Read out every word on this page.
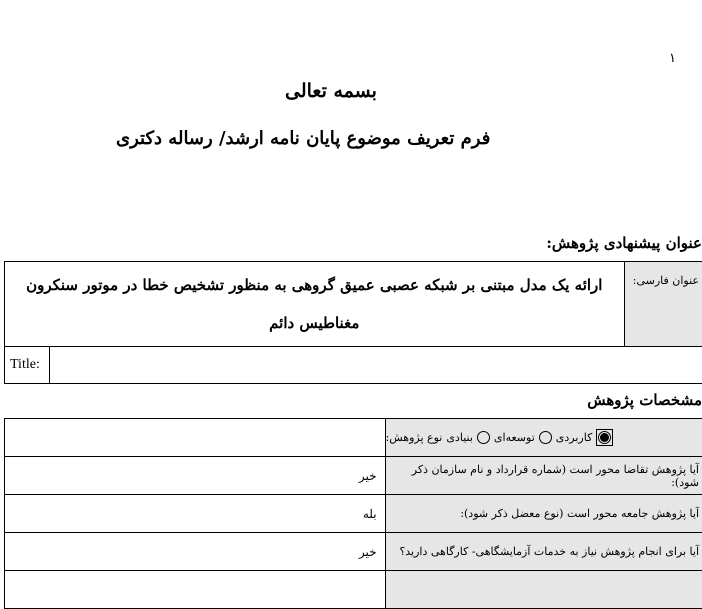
۱
بسمه تعالی
فرم تعریف موضوع پایان نامه ارشد/ رساله دکتری
عنوان پیشنهادی پژوهش:
ارائه یک مدل مبتنی بر شبکه عصبی عمیق گروهی به منظور تشخیص خطا در موتور سنکرون مغناطیس دائم	عنوان فارسی:

Title:
مشخصات پژوهش

	نوع پژوهش: بنیادی توسعه‌ای کاربردی

خیر	آیا پژوهش تقاضا محور است (شماره قرارداد و نام سازمان ذکر شود):
بله	آیا پژوهش جامعه محور است (نوع معضل ذکر شود):
خیر	آیا برای انجام پژوهش نیاز به خدمات آزمایشگاهی- کارگاهی دارید؟
